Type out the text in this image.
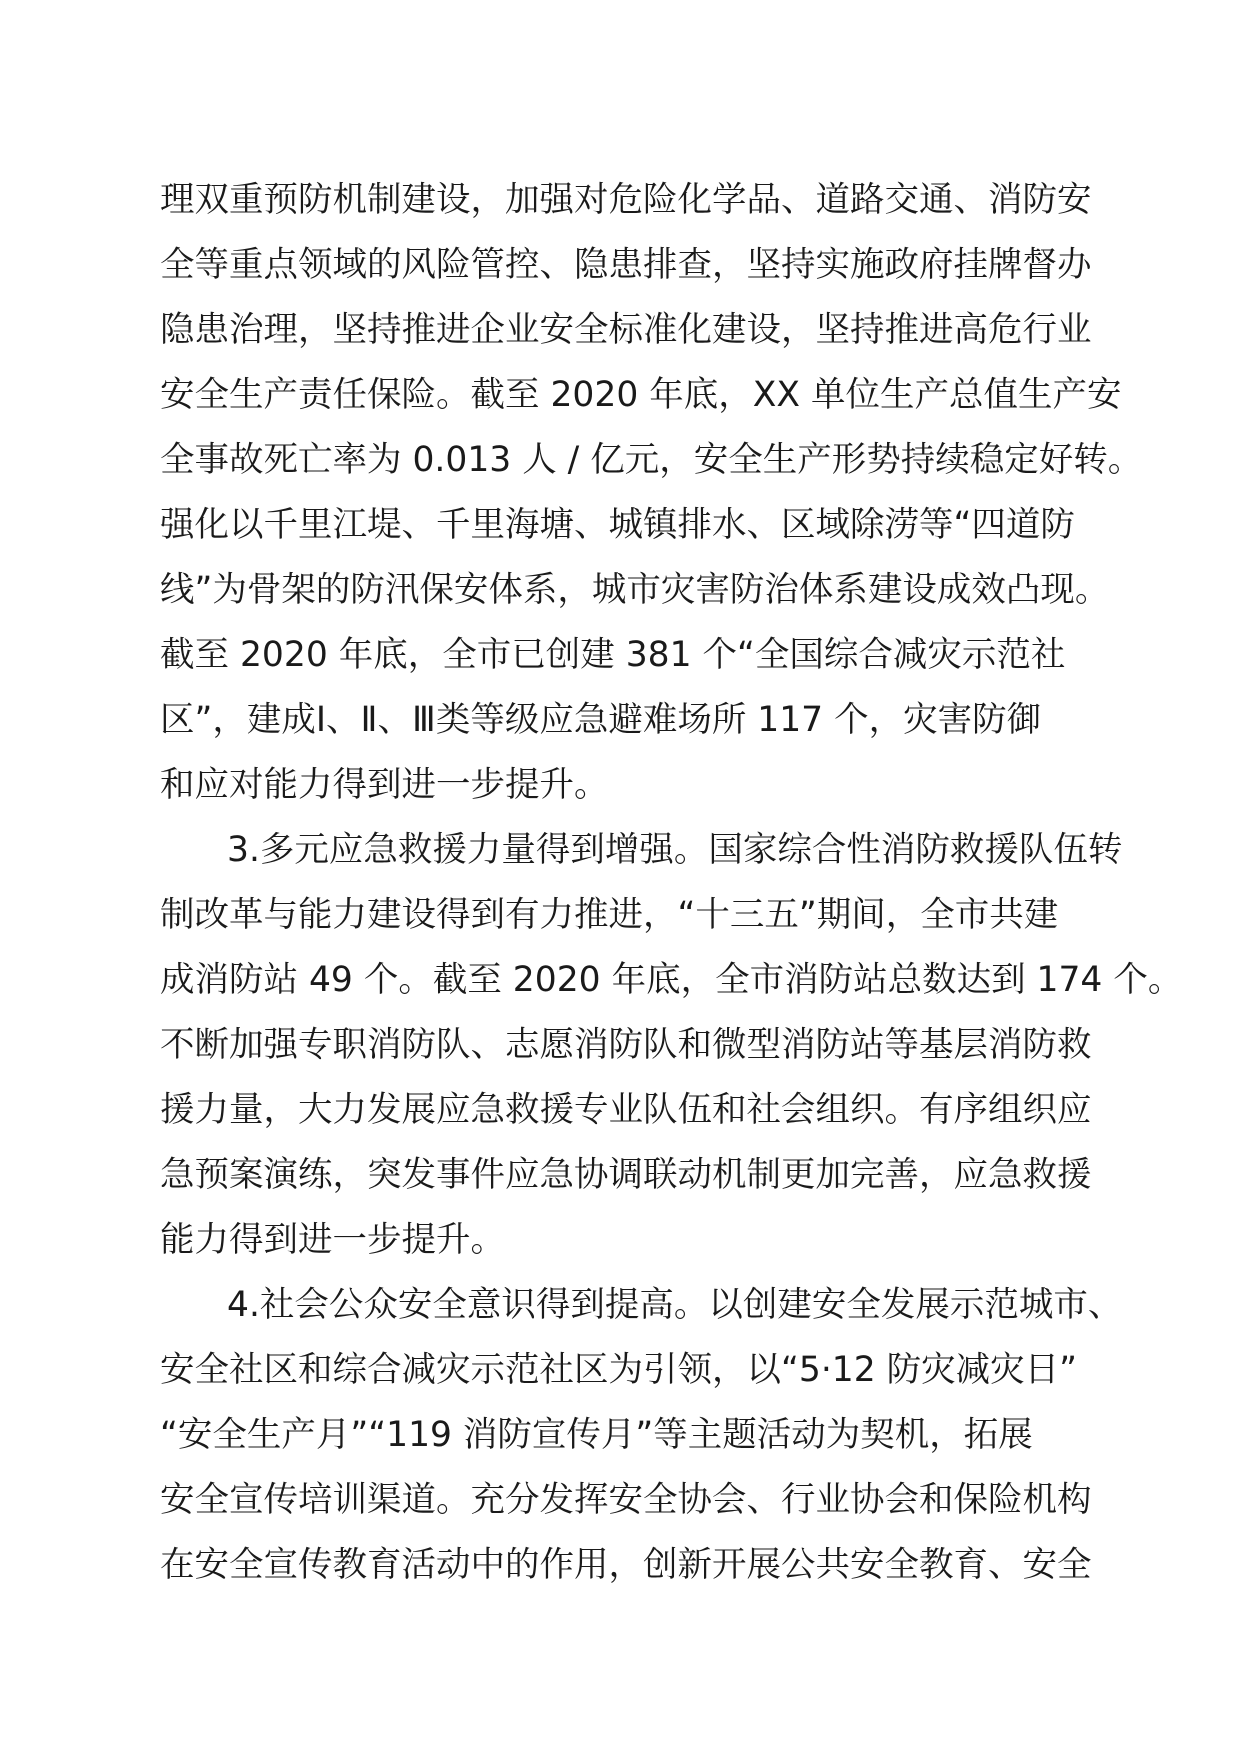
理双重预防机制建设，加强对危险化学品、道路交通、消防安
全等重点领域的风险管控、隐患排查，坚持实施政府挂牌督办
隐患治理，坚持推进企业安全标准化建设，坚持推进高危行业
安全生产责任保险。截至 2020 年底，XX 单位生产总值生产安
全事故死亡率为 0.013 人 / 亿元，安全生产形势持续稳定好转。
强化以千里江堤、千里海塘、城镇排水、区域除涝等“四道防
线”为骨架的防汛保安体系，城市灾害防治体系建设成效凸现。
截至 2020 年底，全市已创建 381 个“全国综合减灾示范社
区”，建成Ⅰ、Ⅱ、Ⅲ类等级应急避难场所 117 个，灾害防御
和应对能力得到进一步提升。
3.多元应急救援力量得到增强。国家综合性消防救援队伍转
制改革与能力建设得到有力推进，“十三五”期间，全市共建
成消防站 49 个。截至 2020 年底，全市消防站总数达到 174 个。
不断加强专职消防队、志愿消防队和微型消防站等基层消防救
援力量，大力发展应急救援专业队伍和社会组织。有序组织应
急预案演练，突发事件应急协调联动机制更加完善，应急救援
能力得到进一步提升。
4.社会公众安全意识得到提高。以创建安全发展示范城市、
安全社区和综合减灾示范社区为引领，以“5·12 防灾减灾日”
“安全生产月”“119 消防宣传月”等主题活动为契机，拓展
安全宣传培训渠道。充分发挥安全协会、行业协会和保险机构
在安全宣传教育活动中的作用，创新开展公共安全教育、安全
